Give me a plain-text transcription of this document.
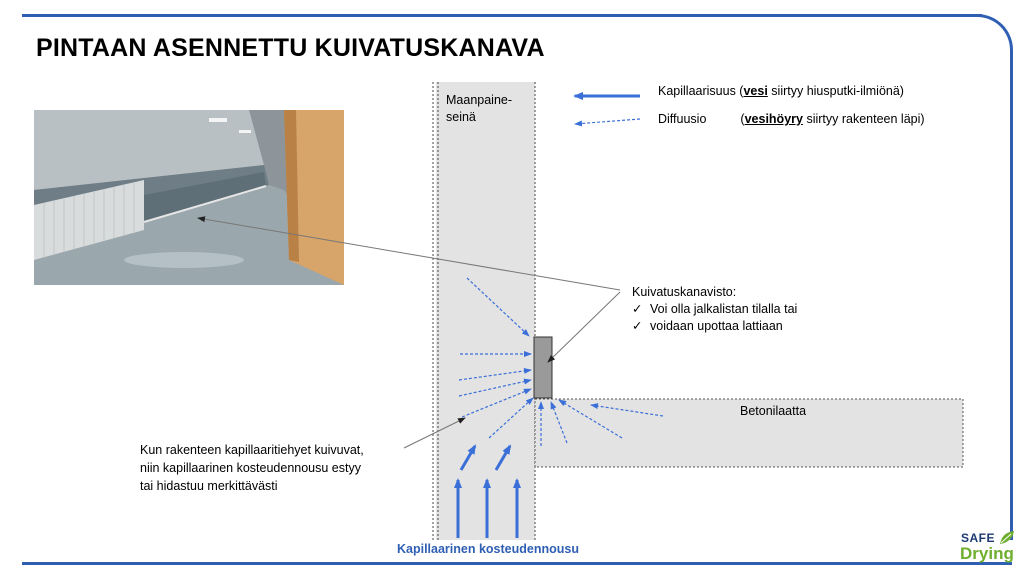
PINTAAN ASENNETTU KUIVATUSKANAVA
Maanpaine-
seinä
Kapillaarisuus (vesi siirtyy hiusputki-ilmiönä)
Diffuusio	(vesihöyry siirtyy rakenteen läpi)
Kuivatuskanavisto:
✓ Voi olla jalkalistan tilalla tai
✓ voidaan upottaa lattiaan
Betonilaatta
Kun rakenteen kapillaaritiehyet kuivuvat,
niin kapillaarinen kosteudennousu estyy
tai hidastuu merkittävästi
Kapillaarinen kosteudennousu
SAFE
Drying
